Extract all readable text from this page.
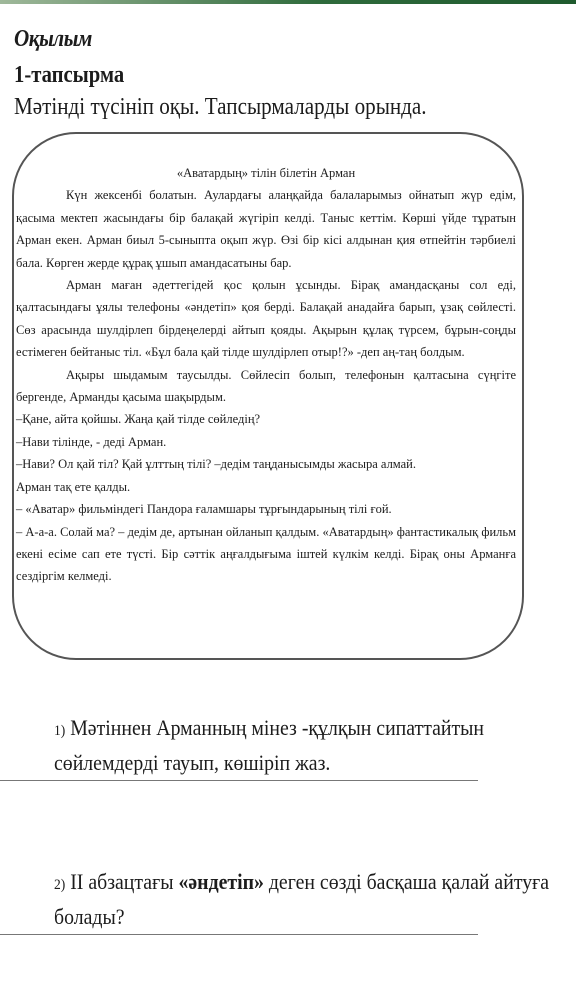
Оқылым
1-тапсырма
Мәтінді түсініп оқы. Тапсырмаларды орында.
«Аватардың» тілін білетін Арман

Күн жексенбі болатын. Аулардағы алаңқайда балаларымыз ойнатып жүр едім, қасыма мектеп жасындағы бір балақай жүгіріп келді. Таныс кеттім. Көрші үйде тұратын Арман екен. Арман биыл 5-сыныпта оқып жүр. Өзі бір кісі алдынан қия өтпейтін тәрбиелі бала. Көрген жерде құрақ ұшып амандасатыны бар.

Арман маған әдеттегідей қос қолын ұсынды. Бірақ амандасқаны сол еді, қалтасындағы ұялы телефоны «әндетіп» қоя берді. Балақай анадайға барып, ұзақ сөйлесті. Сөз арасында шулдірлеп бірдеңелерді айтып қояды. Ақырын құлақ түрсем, бұрын-соңды естімеген бейтаныс тіл. «Бұл бала қай тілде шулдірлеп отыр!?» -деп аң-таң болдым.

Ақыры шыдамым таусылды. Сөйлесіп болып, телефонын қалтасына сүңгіте бергенде, Арманды қасыма шақырдым.

–Қане, айта қойшы. Жаңа қай тілде сөйледің?

–Нави тілінде, - деді Арман.

–Нави? Ол қай тіл? Қай ұлттың тілі? –дедім таңданысымды жасыра алмай.

Арман тақ ете қалды.

– «Аватар» фильміндегі Пандора ғаламшары тұрғындарының тілі ғой.

– А-а-а. Солай ма? – дедім де, артынан ойланып қалдым. «Аватардың» фантастикалық фильм екені есіме сап ете түсті. Бір сәттік аңғалдығыма іштей күлкім келді. Бірақ оны Арманға сездіргім келмеді.

1) Мәтіннен Арманның мінез -құлқын сипаттайтын сөйлемдерді тауып, көшіріп жаз.
2) ІІ абзацтағы «әндетіп» деген сөзді басқаша қалай айтуға болады?
